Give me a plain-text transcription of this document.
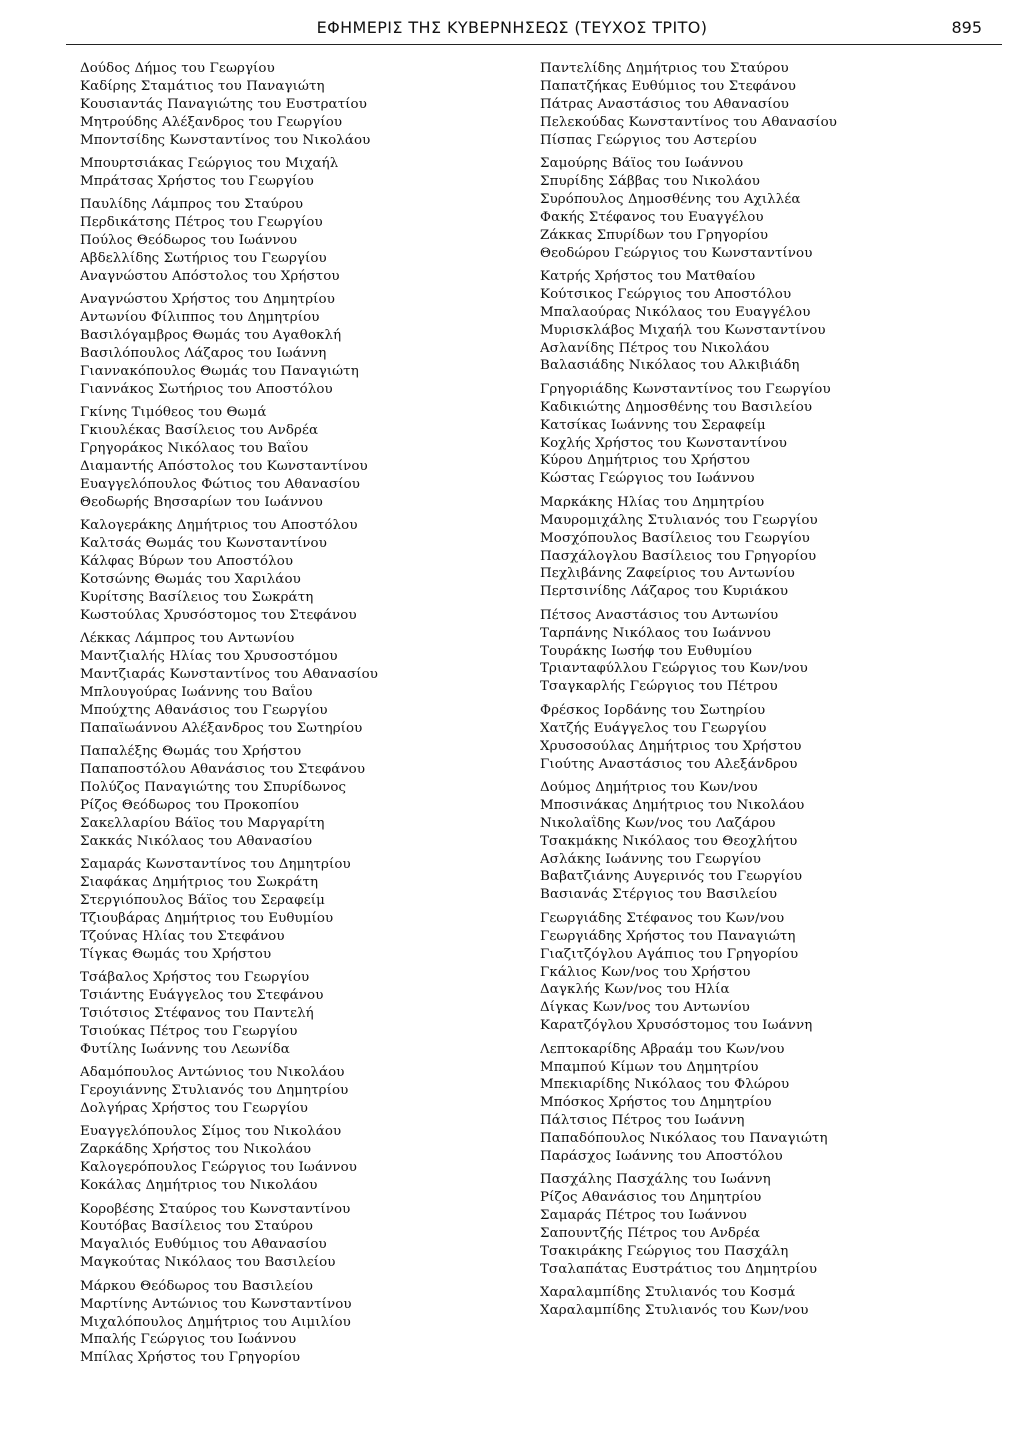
ΕΦΗΜΕΡΙΣ ΤΗΣ ΚΥΒΕΡΝΗΣΕΩΣ (ΤΕΥΧΟΣ ΤΡΙΤΟ)	895
Δούδος Δήμος του Γεωργίου
Καδίρης Σταμάτιος του Παναγιώτη
Κουσιαντάς Παναγιώτης του Ευστρατίου
Μητρούδης Αλέξανδρος του Γεωργίου
Μποντσίδης Κωνσταντίνος του Νικολάου
Μπουρτσιάκας Γεώργιος του Μιχαήλ
Μπράτσας Χρήστος του Γεωργίου
Παυλίδης Λάμπρος του Σταύρου
Περδικάτσης Πέτρος του Γεωργίου
Πούλος Θεόδωρος του Ιωάννου
Αβδελλίδης Σωτήριος του Γεωργίου
Αναγνώστου Απόστολος του Χρήστου
Αναγνώστου Χρήστος του Δημητρίου
Αντωνίου Φίλιππος του Δημητρίου
Βασιλόγαμβρος Θωμάς του Αγαθοκλή
Βασιλόπουλος Λάζαρος του Ιωάννη
Γιαννακόπουλος Θωμάς του Παναγιώτη
Γιαννάκος Σωτήριος του Αποστόλου
Γκίνης Τιμόθεος του Θωμά
Γκιουλέκας Βασίλειος του Ανδρέα
Γρηγοράκος Νικόλαος του Βαΐου
Διαμαντής Απόστολος του Κωνσταντίνου
Ευαγγελόπουλος Φώτιος του Αθανασίου
Θεοδωρής Βησσαρίων του Ιωάννου
Καλογεράκης Δημήτριος του Αποστόλου
Καλτσάς Θωμάς του Κωνσταντίνου
Κάλφας Βύρων του Αποστόλου
Κοτσώνης Θωμάς του Χαριλάου
Κυρίτσης Βασίλειος του Σωκράτη
Κωστούλας Χρυσόστομος του Στεφάνου
Λέκκας Λάμπρος του Αντωνίου
Μαντζιαλής Ηλίας του Χρυσοστόμου
Μαντζιαράς Κωνσταντίνος του Αθανασίου
Μπλουγούρας Ιωάννης του Βαΐου
Μπούχτης Αθανάσιος του Γεωργίου
Παπαϊωάννου Αλέξανδρος του Σωτηρίου
Παπαλέξης Θωμάς του Χρήστου
Παπαποστόλου Αθανάσιος του Στεφάνου
Πολύζος Παναγιώτης του Σπυρίδωνος
Ρίζος Θεόδωρος του Προκοπίου
Σακελλαρίου Βάϊος του Μαργαρίτη
Σακκάς Νικόλαος του Αθανασίου
Σαμαράς Κωνσταντίνος του Δημητρίου
Σιαφάκας Δημήτριος του Σωκράτη
Στεργιόπουλος Βάϊος του Σεραφείμ
Τζιουβάρας Δημήτριος του Ευθυμίου
Τζούνας Ηλίας του Στεφάνου
Τίγκας Θωμάς του Χρήστου
Τσάβαλος Χρήστος του Γεωργίου
Τσιάντης Ευάγγελος του Στεφάνου
Τσιότσιος Στέφανος του Παντελή
Τσιούκας Πέτρος του Γεωργίου
Φυτίλης Ιωάννης του Λεωνίδα
Αδαμόπουλος Αντώνιος του Νικολάου
Γεροyιάννης Στυλιανός του Δημητρίου
Δολγήρας Χρήστος του Γεωργίου
Ευαγγελόπουλος Σίμος του Νικολάου
Ζαρκάδης Χρήστος του Νικολάου
Καλογερόπουλος Γεώργιος του Ιωάννου
Κοκάλας Δημήτριος του Νικολάου
Κοροβέσης Σταύρος του Κωνσταντίνου
Κουτόβας Βασίλειος του Σταύρου
Μαγαλιός Ευθύμιος του Αθανασίου
Μαγκούτας Νικόλαος του Βασιλείου
Μάρκου Θεόδωρος του Βασιλείου
Μαρτίνης Αντώνιος του Κωνσταντίνου
Μιχαλόπουλος Δημήτριος του Αιμιλίου
Μπαλής Γεώργιος του Ιωάννου
Μπίλας Χρήστος του Γρηγορίου
Παντελίδης Δημήτριος του Σταύρου
Παπατζήκας Ευθύμιος του Στεφάνου
Πάτρας Αναστάσιος του Αθανασίου
Πελεκούδας Κωνσταντίνος του Αθανασίου
Πίσπας Γεώργιος του Αστερίου
Σαμούρης Βάϊος του Ιωάννου
Σπυρίδης Σάββας του Νικολάου
Συρόπουλος Δημοσθένης του Αχιλλέα
Φακής Στέφανος του Ευαγγέλου
Ζάκκας Σπυρίδων του Γρηγορίου
Θεοδώρου Γεώργιος του Κωνσταντίνου
Κατρής Χρήστος του Ματθαίου
Κούτσικος Γεώργιος του Αποστόλου
Μπαλαούρας Νικόλαος του Ευαγγέλου
Μυρισκλάβος Μιχαήλ του Κωνσταντίνου
Ασλανίδης Πέτρος του Νικολάου
Βαλασιάδης Νικόλαος του Αλκιβιάδη
Γρηγοριάδης Κωνσταντίνος του Γεωργίου
Καδικιώτης Δημοσθένης του Βασιλείου
Κατσίκας Ιωάννης του Σεραφείμ
Κοχλής Χρήστος του Κωνσταντίνου
Κύρου Δημήτριος του Χρήστου
Κώστας Γεώργιος του Ιωάννου
Μαρκάκης Ηλίας του Δημητρίου
Μαυρομιχάλης Στυλιανός του Γεωργίου
Μοσχόπουλος Βασίλειος του Γεωργίου
Πασχάλογλου Βασίλειος του Γρηγορίου
Πεχλιβάνης Ζαφείριος του Αντωνίου
Περτσινίδης Λάζαρος του Κυριάκου
Πέτσος Αναστάσιος του Αντωνίου
Ταρπάνης Νικόλαος του Ιωάννου
Τουράκης Ιωσήφ του Ευθυμίου
Τριανταφύλλου Γεώργιος του Κων/νου
Τσαγκαρλής Γεώργιος του Πέτρου
Φρέσκος Ιορδάνης του Σωτηρίου
Χατζής Ευάγγελος του Γεωργίου
Χρυσοσούλας Δημήτριος του Χρήστου
Γιούτης Αναστάσιος του Αλεξάνδρου
Δούμος Δημήτριος του Κων/νου
Μποσινάκας Δημήτριος του Νικολάου
Νικολαΐδης Κων/νος του Λαζάρου
Τσακμάκης Νικόλαος του Θεοχλήτου
Ασλάκης Ιωάννης του Γεωργίου
Βαβατζιάνης Αυγερινός του Γεωργίου
Βασιανάς Στέργιος του Βασιλείου
Γεωργιάδης Στέφανος του Κων/νου
Γεωργιάδης Χρήστος του Παναγιώτη
Γιαζιτζόγλου Αγάπιος του Γρηγορίου
Γκάλιος Κων/νος του Χρήστου
Δαγκλής Κων/νος του Ηλία
Δίγκας Κων/νος του Αντωνίου
Καρατζόγλου Χρυσόστομος του Ιωάννη
Λεπτοκαρίδης Αβραάμ του Κων/νου
Μπαμπού Κίμων του Δημητρίου
Μπεκιαρίδης Νικόλαος του Φλώρου
Μπόσκος Χρήστος του Δημητρίου
Πάλτσιος Πέτρος του Ιωάννη
Παπαδόπουλος Νικόλαος του Παναγιώτη
Παράσχος Ιωάννης του Αποστόλου
Πασχάλης Πασχάλης του Ιωάννη
Ρίζος Αθανάσιος του Δημητρίου
Σαμαράς Πέτρος του Ιωάννου
Σαπουντζής Πέτρος του Ανδρέα
Τσακιράκης Γεώργιος του Πασχάλη
Τσαλαπάτας Ευστράτιος του Δημητρίου
Χαραλαμπίδης Στυλιανός του Κοσμά
Χαραλαμπίδης Στυλιανός του Κων/νου
